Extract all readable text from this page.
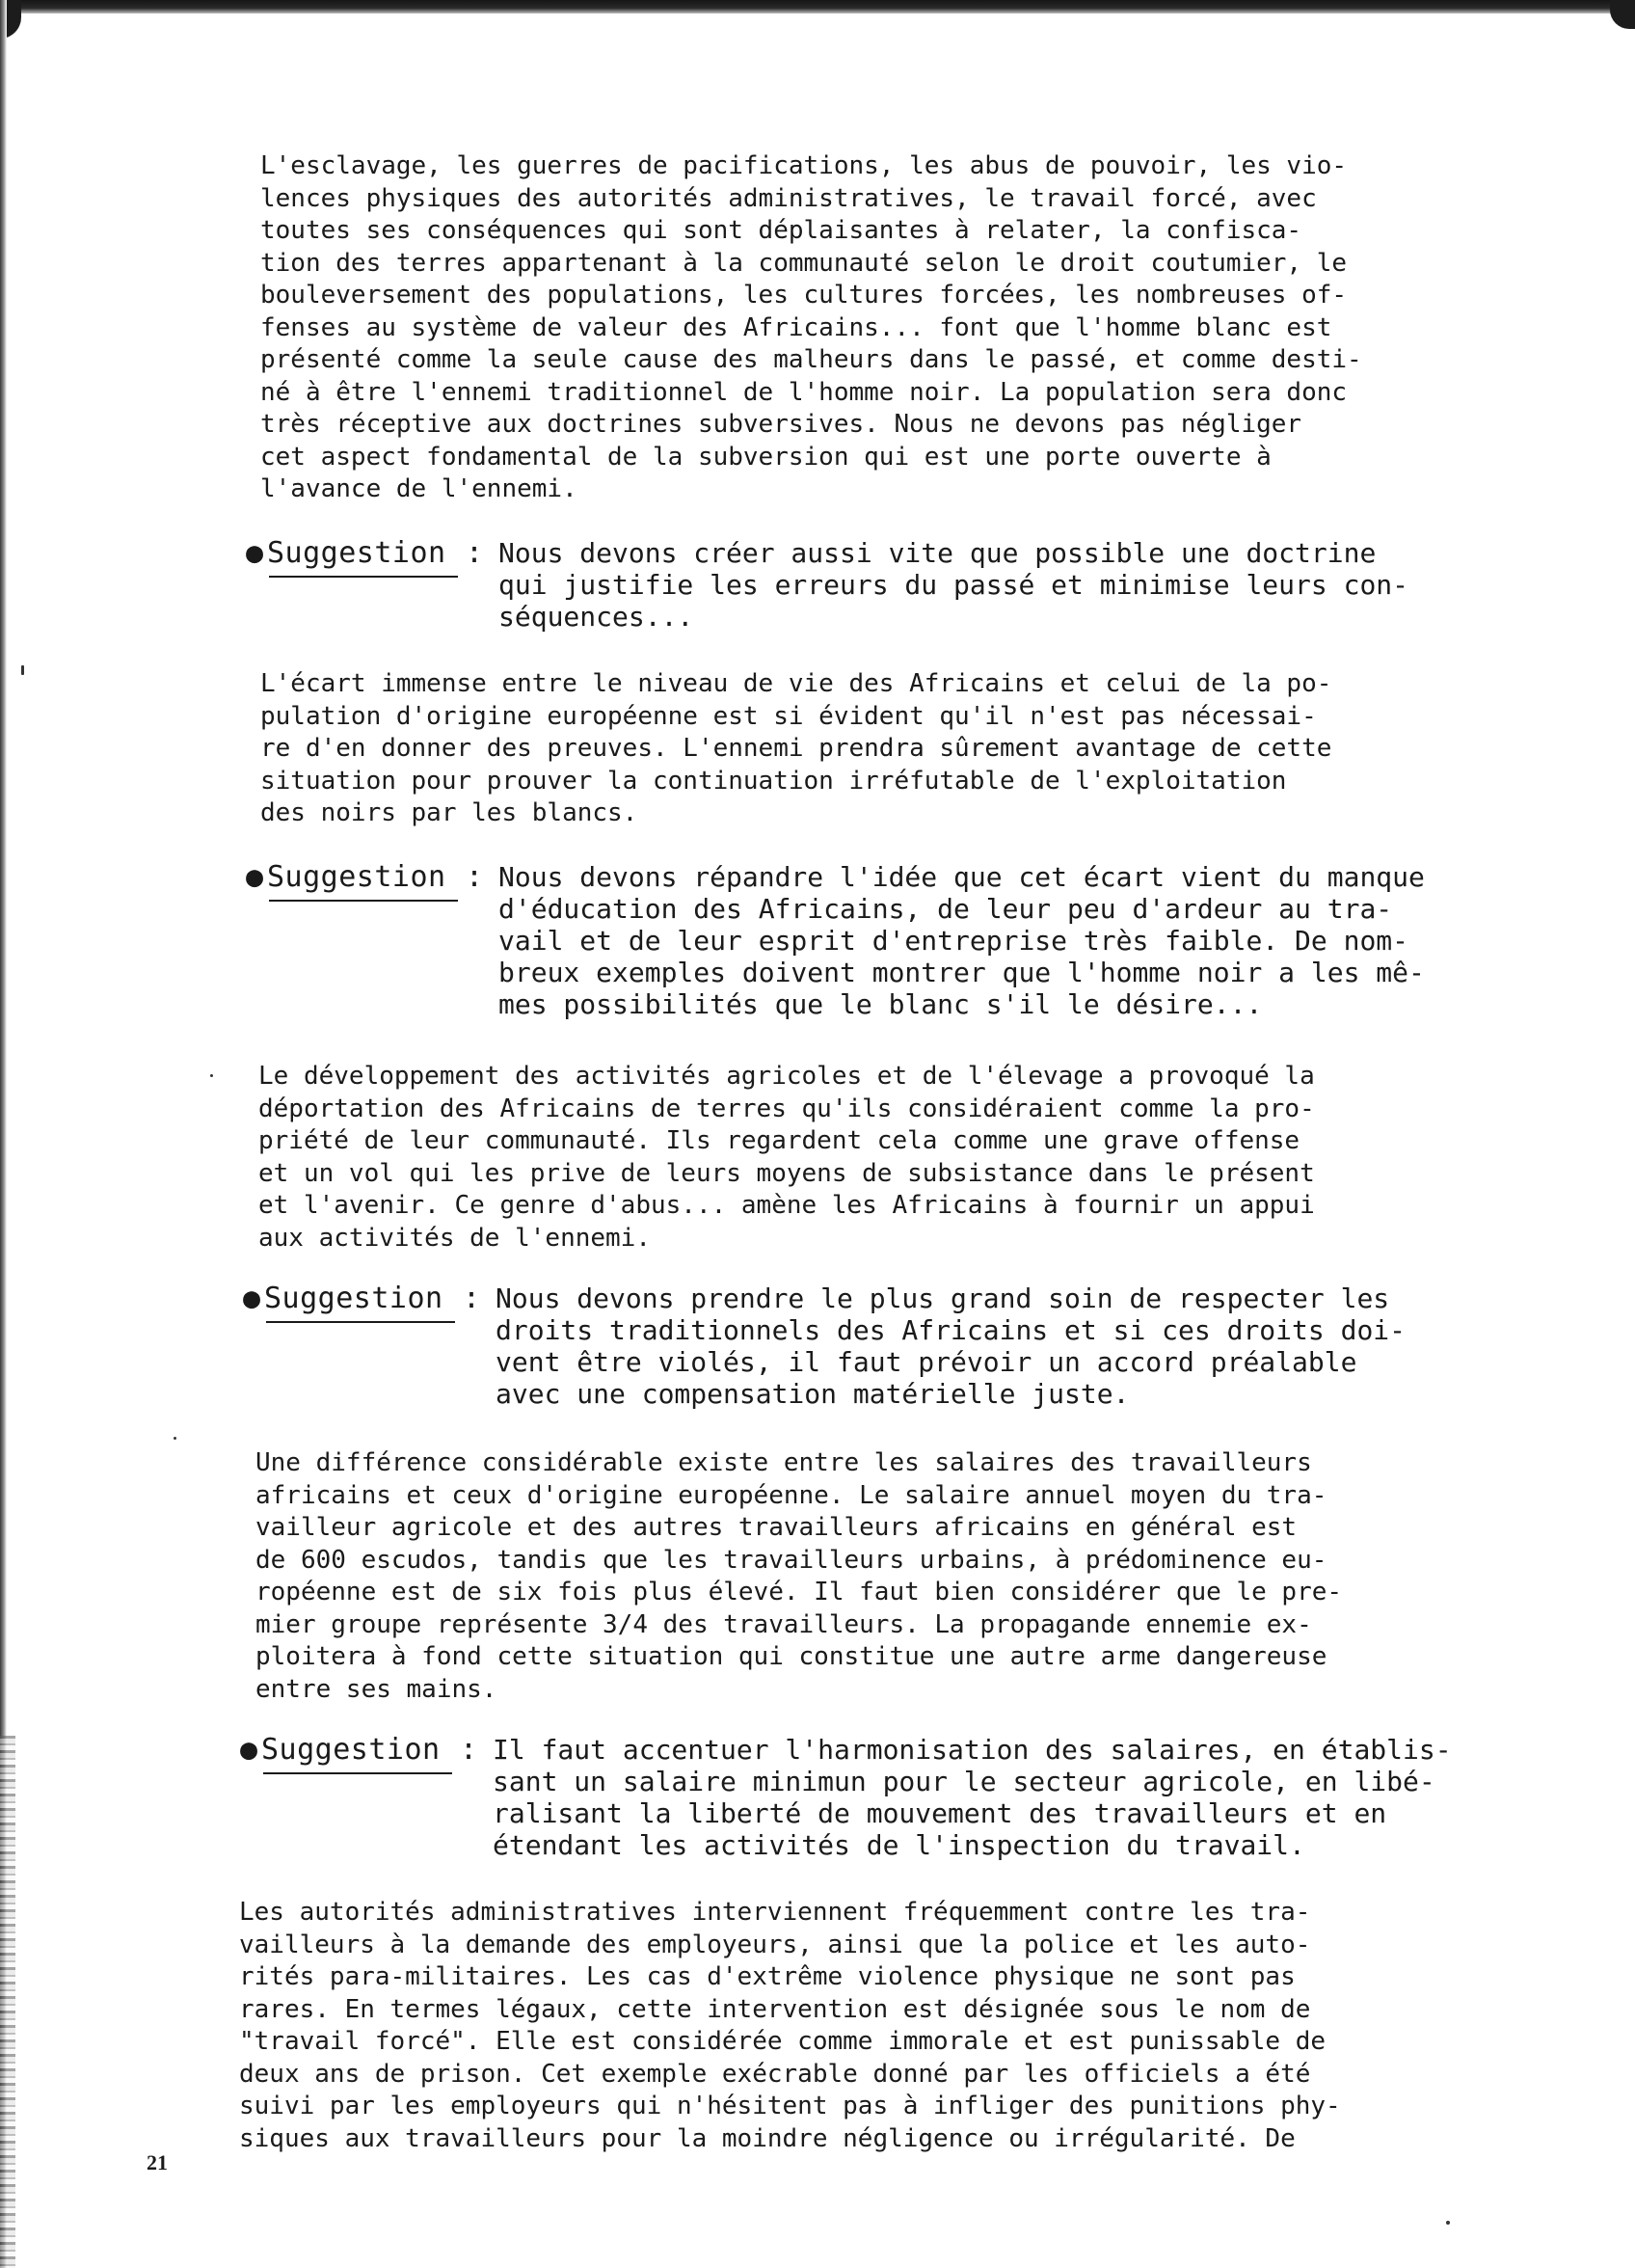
L'esclavage, les guerres de pacifications, les abus de pouvoir, les vio-
lences physiques des autorités administratives, le travail forcé, avec
toutes ses conséquences qui sont déplaisantes à relater, la confisca-
tion des terres appartenant à la communauté selon le droit coutumier, le
bouleversement des populations, les cultures forcées, les nombreuses of-
fenses au système de valeur des Africains... font que l'homme blanc est
présenté comme la seule cause des malheurs dans le passé, et comme desti-
né à être l'ennemi traditionnel de l'homme noir. La population sera donc
très réceptive aux doctrines subversives. Nous ne devons pas négliger
cet aspect fondamental de la subversion qui est une porte ouverte à
l'avance de l'ennemi.
● Suggestion : Nous devons créer aussi vite que possible une doctrine
qui justifie les erreurs du passé et minimise leurs con-
séquences...
L'écart immense entre le niveau de vie des Africains et celui de la po-
pulation d'origine européenne est si évident qu'il n'est pas nécessai-
re d'en donner des preuves. L'ennemi prendra sûrement avantage de cette
situation pour prouver la continuation irréfutable de l'exploitation
des noirs par les blancs.
● Suggestion : Nous devons répandre l'idée que cet écart vient du manque
d'éducation des Africains, de leur peu d'ardeur au tra-
vail et de leur esprit d'entreprise très faible. De nom-
breux exemples doivent montrer que l'homme noir a les mê-
mes possibilités que le blanc s'il le désire...
Le développement des activités agricoles et de l'élevage a provoqué la
déportation des Africains de terres qu'ils considéraient comme la pro-
priété de leur communauté. Ils regardent cela comme une grave offense
et un vol qui les prive de leurs moyens de subsistance dans le présent
et l'avenir. Ce genre d'abus... amène les Africains à fournir un appui
aux activités de l'ennemi.
● Suggestion : Nous devons prendre le plus grand soin de respecter les
droits traditionnels des Africains et si ces droits doi-
vent être violés, il faut prévoir un accord préalable
avec une compensation matérielle juste.
Une différence considérable existe entre les salaires des travailleurs
africains et ceux d'origine européenne. Le salaire annuel moyen du tra-
vailleur agricole et des autres travailleurs africains en général est
de 600 escudos, tandis que les travailleurs urbains, à prédominence eu-
ropéenne est de six fois plus élevé. Il faut bien considérer que le pre-
mier groupe représente 3/4 des travailleurs. La propagande ennemie ex-
ploitera à fond cette situation qui constitue une autre arme dangereuse
entre ses mains.
● Suggestion : Il faut accentuer l'harmonisation des salaires, en établis-
sant un salaire minimun pour le secteur agricole, en libé-
ralisant la liberté de mouvement des travailleurs et en
étendant les activités de l'inspection du travail.
Les autorités administratives interviennent fréquemment contre les tra-
vailleurs à la demande des employeurs, ainsi que la police et les auto-
rités para-militaires. Les cas d'extrême violence physique ne sont pas
rares. En termes légaux, cette intervention est désignée sous le nom de
"travail forcé". Elle est considérée comme immorale et est punissable de
deux ans de prison. Cet exemple exécrable donné par les officiels a été
suivi par les employeurs qui n'hésitent pas à infliger des punitions phy-
siques aux travailleurs pour la moindre négligence ou irrégularité. De
21
